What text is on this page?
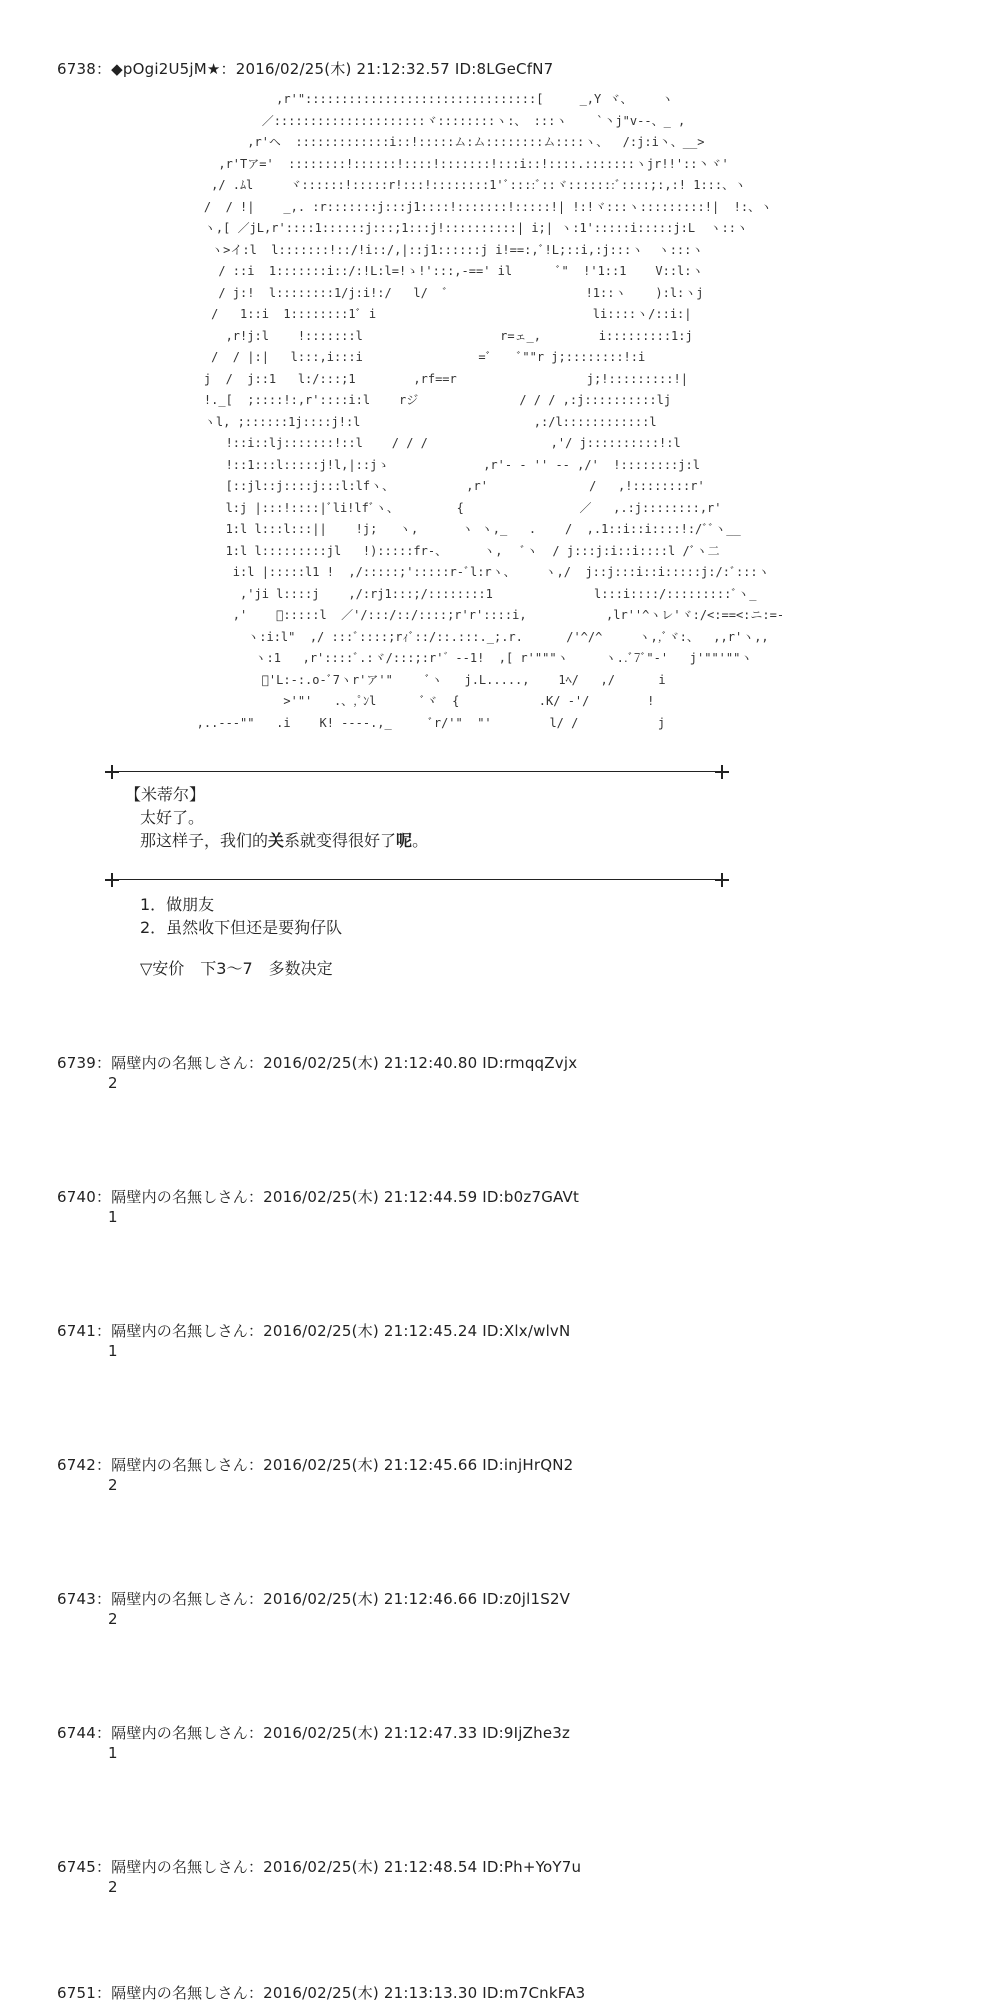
6738：◆pOgi2U5jM★：2016/02/25(木) 21:12:32.57 ID:8LGeCfN7
,r'"::::::::::::::::::::::::::::::::[     _,Y ヾ、    ヽ
／:::::::::::::::::::::ヾ::::::::ヽ:、 :::ヽ    `丶j"v--、_ ,
,r'ヘ  :::::::::::::i::!:::::ム:ム::::::::ム::::ヽ、  /:j:i丶、__>
,r'Tア='  ::::::::!::::::!::::!:::::::!:::i::!::::.:::::::ヽjr!!'::丶ヾ'
,/ .ﾑl     ヾ::::::!:::::r!:::!::::::::1'ﾞ::::ﾞ::ヾ:::::::ﾞ::::;:,:! 1:::、ヽ
/  / !|    _,. :r:::::::j:::j1::::!:::::::!:::::!| !:!ヾ:::ヽ:::::::::!|  !:、ヽ
ヽ,[ ／jL,r'::::1::::::j:::;1:::j!::::::::::| i;| ヽ:1':::::i:::::j:L  ヽ::ヽ
ヽ>イ:l  l:::::::!::/!i::/,|::j1::::::j i!==:,ﾞ!L;::i,:j:::ヽ  ヽ:::ヽ
/ ::i  1:::::::i::/:!L:l=!ゝ!':::,-==' il      ﾞ"  !'1::1    V::l:ヽ
/ j:!  l::::::::1/j:i!:/   l/  ﾞ                   !1::ヽ    ):l:ヽj
/   1::i  1::::::::1ﾞ i                              li::::ヽ/::i:|
,r!j:l    !:::::::l                   r=ェ_,        i:::::::::1:j
/  / |:|   l:::,i:::i                =ﾞ    ﾞ""r j;::::::::!:i
j  /  j::1   l:/:::;1        ,rf==r                  j;!:::::::::!|
!._[  ;::::!:,r'::::i:l    rジ              / / / ,:j::::::::::lj
ヽl, ;::::::1j::::j!:l                        ,:/l::::::::::::l
!::i::lj:::::::!::l    / / /                 ,'/ j::::::::::!:l
!::1:::l:::::j!l,|::jゝ             ,r'- - '' -- ,/'  !::::::::j:l
[::jl::j::::j:::l:lfヽ、          ,r'              /   ,!::::::::r'
l:j |:::!::::|ﾞli!lfﾞヽ、        {                ／   ,.:j::::::::,r'
1:l l:::l:::||    !j;   ヽ,      ヽ ヽ,_   .    /  ,.1::i::i::::!:/ﾞﾞヽ__
1:l l:::::::::jl   !):::::fr-、     ヽ,   ﾞヽ  / j:::j:i::i::::l /ﾞヽ二
i:l |:::::l1 !  ,/:::::;':::::r-ﾞl:rヽ、    ヽ,/  j::j:::i::i:::::j:/:ﾞ:::ヽ
,'ji l::::j    ,/:rj1:::;/::::::::1              l:::i::::/:::::::::ﾞヽ_
,'    ﾞ:::::l  ／'/:::/::/::::;r'r'::::i,           ,lr''^ヽレ'ヾ:/<:==<:ニ:=-
ヽ:i:l"  ,/ :::ﾞ::::;rｨﾞ::/::.:::._;.r.      /'^/^     ヽ,,ﾞヾ:、  ,,r'ヽ,,
ヽ:1   ,r'::::ﾞ.:ヾ/:::;:r'゛--1!  ,[ r'"""ヽ     ヽ..ﾞ7ﾞ"-'   j'""'""ヽ
ﾞ'L:-:.o-ﾞ7ヽr'ア'"     ﾞヽ   j.L.....,    1ﾍ/   ,/      i
>'"'   .、,ﾟﾝl      ﾞヾ  {           .K/ -'/        !
,..---""   .i    K! ----.,_     ﾞr/'"  "'        l/ /           j
【米蒂尔】
太好了。
那这样子，我们的关系就变得很好了呢。
1．做朋友
2．虽然收下但还是要狗仔队
▽安价　下3～7　多数决定
6739：隔壁内の名無しさん：2016/02/25(木) 21:12:40.80 ID:rmqqZvjx
2
6740：隔壁内の名無しさん：2016/02/25(木) 21:12:44.59 ID:b0z7GAVt
1
6741：隔壁内の名無しさん：2016/02/25(木) 21:12:45.24 ID:Xlx/wlvN
1
6742：隔壁内の名無しさん：2016/02/25(木) 21:12:45.66 ID:injHrQN2
2
6743：隔壁内の名無しさん：2016/02/25(木) 21:12:46.66 ID:z0jl1S2V
2
6744：隔壁内の名無しさん：2016/02/25(木) 21:12:47.33 ID:9IjZhe3z
1
6745：隔壁内の名無しさん：2016/02/25(木) 21:12:48.54 ID:Ph+YoY7u
2
6751：隔壁内の名無しさん：2016/02/25(木) 21:13:13.30 ID:m7CnkFA3
